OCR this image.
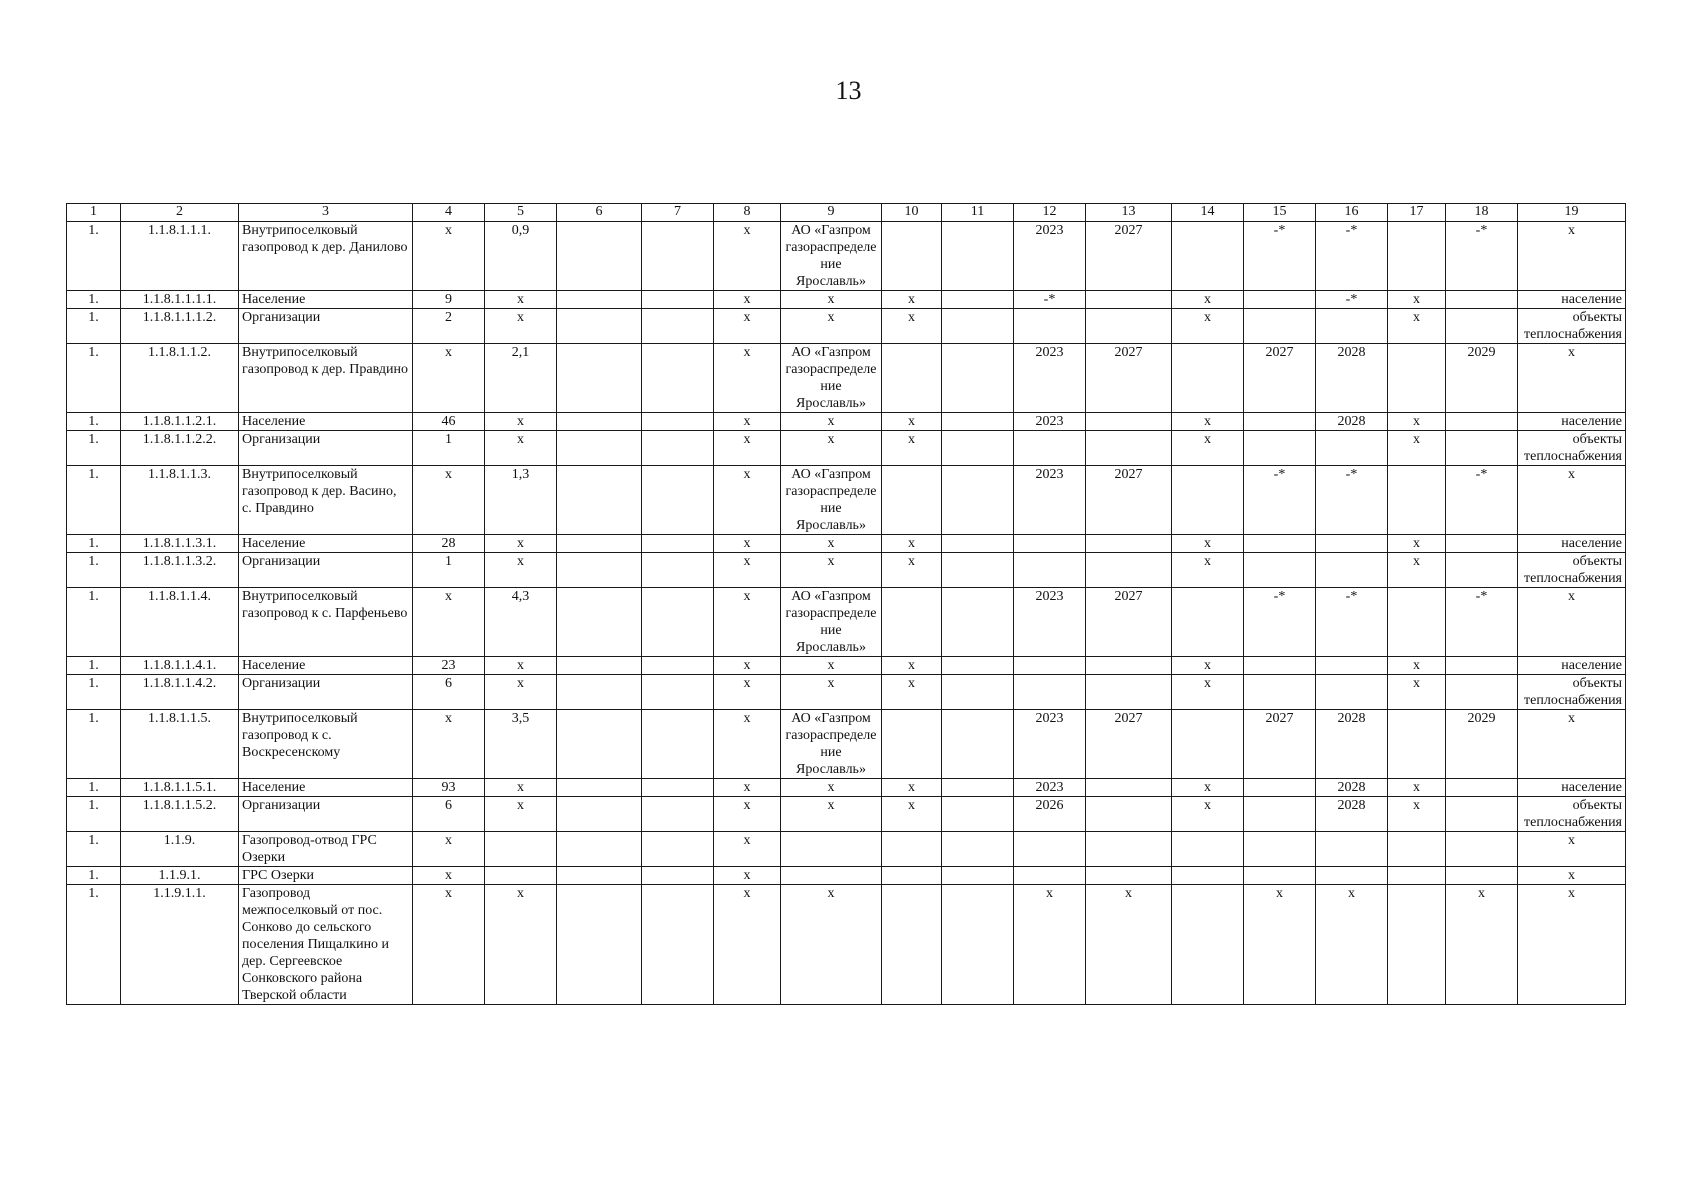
13
1	2	3	4	5	6	7	8	9	10	11	12	13	14	15	16	17	18	19
1.	1.1.8.1.1.1.	Внутрипоселковый газопровод к дер. Данилово	х	0,9			х	АО «Газпром газораспределение Ярославль»			2023	2027		-*	-*		-*	х
1.	1.1.8.1.1.1.1.	Население	9	х			х	х	х		-*		х		-*	х		население
1.	1.1.8.1.1.1.2.	Организации	2	х			х	х	х				х			х		объекты теплоснабжения
1.	1.1.8.1.1.2.	Внутрипоселковый газопровод к дер. Правдино	х	2,1			х	АО «Газпром газораспределение Ярославль»			2023	2027		2027	2028		2029	х
1.	1.1.8.1.1.2.1.	Население	46	х			х	х	х		2023		х		2028	х		население
1.	1.1.8.1.1.2.2.	Организации	1	х			х	х	х				х			х		объекты теплоснабжения
1.	1.1.8.1.1.3.	Внутрипоселковый газопровод к дер. Васино, с. Правдино	х	1,3			х	АО «Газпром газораспределение Ярославль»			2023	2027		-*	-*		-*	х
1.	1.1.8.1.1.3.1.	Население	28	х			х	х	х				х			х		население
1.	1.1.8.1.1.3.2.	Организации	1	х			х	х	х				х			х		объекты теплоснабжения
1.	1.1.8.1.1.4.	Внутрипоселковый газопровод к с. Парфеньево	х	4,3			х	АО «Газпром газораспределение Ярославль»			2023	2027		-*	-*		-*	х
1.	1.1.8.1.1.4.1.	Население	23	х			х	х	х				х			х		население
1.	1.1.8.1.1.4.2.	Организации	6	х			х	х	х				х			х		объекты теплоснабжения
1.	1.1.8.1.1.5.	Внутрипоселковый газопровод к с. Воскресенскому	х	3,5			х	АО «Газпром газораспределение Ярославль»			2023	2027		2027	2028		2029	х
1.	1.1.8.1.1.5.1.	Население	93	х			х	х	х		2023		х		2028	х		население
1.	1.1.8.1.1.5.2.	Организации	6	х			х	х	х		2026		х		2028	х		объекты теплоснабжения
1.	1.1.9.	Газопровод-отвод ГРС Озерки	х				х											х
1.	1.1.9.1.	ГРС Озерки	х				х											х
1.	1.1.9.1.1.	Газопровод межпоселковый от пос. Сонково до сельского поселения Пищалкино и дер. Сергеевское Сонковского района Тверской области	х	х			х	х			х	х		х	х		х	х
